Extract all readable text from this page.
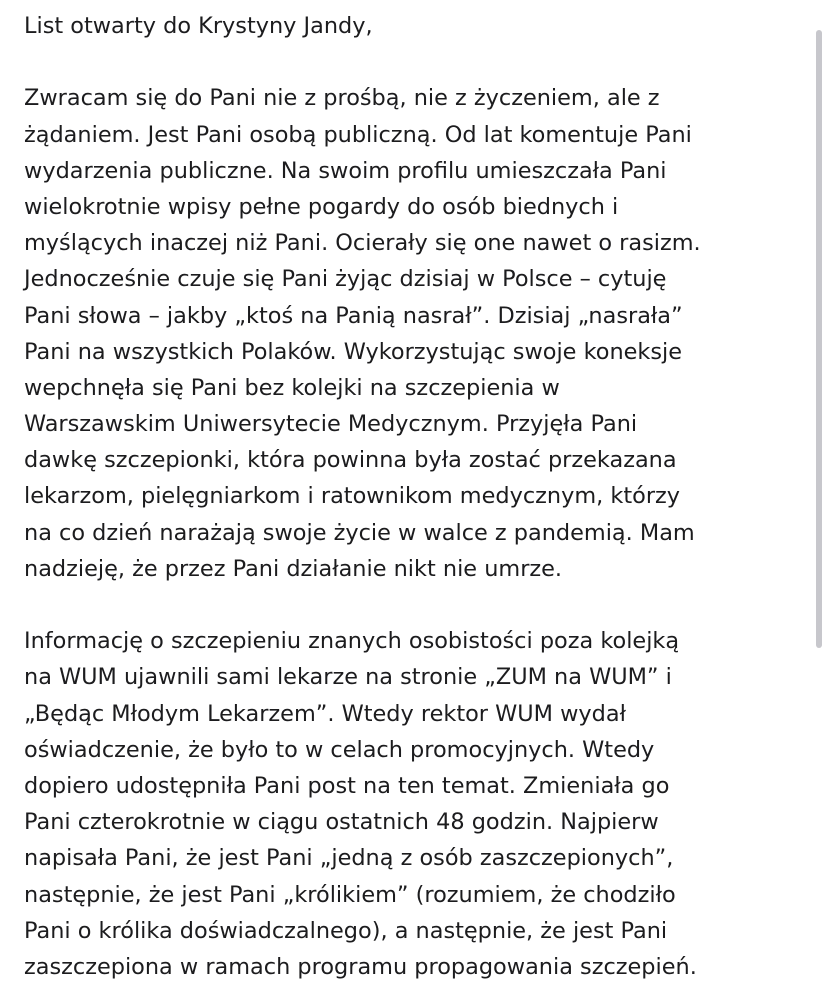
List otwarty do Krystyny Jandy,
Zwracam się do Pani nie z prośbą, nie z życzeniem, ale z
żądaniem. Jest Pani osobą publiczną. Od lat komentuje Pani
wydarzenia publiczne. Na swoim profilu umieszczała Pani
wielokrotnie wpisy pełne pogardy do osób biednych i
myślących inaczej niż Pani. Ocierały się one nawet o rasizm.
Jednocześnie czuje się Pani żyjąc dzisiaj w Polsce – cytuję
Pani słowa – jakby „ktoś na Panią nasrał”. Dzisiaj „nasrała”
Pani na wszystkich Polaków. Wykorzystując swoje koneksje
wepchnęła się Pani bez kolejki na szczepienia w
Warszawskim Uniwersytecie Medycznym. Przyjęła Pani
dawkę szczepionki, która powinna była zostać przekazana
lekarzom, pielęgniarkom i ratownikom medycznym, którzy
na co dzień narażają swoje życie w walce z pandemią. Mam
nadzieję, że przez Pani działanie nikt nie umrze.
Informację o szczepieniu znanych osobistości poza kolejką
na WUM ujawnili sami lekarze na stronie „ZUM na WUM” i
„Będąc Młodym Lekarzem”. Wtedy rektor WUM wydał
oświadczenie, że było to w celach promocyjnych. Wtedy
dopiero udostępniła Pani post na ten temat. Zmieniała go
Pani czterokrotnie w ciągu ostatnich 48 godzin. Najpierw
napisała Pani, że jest Pani „jedną z osób zaszczepionych”,
następnie, że jest Pani „królikiem” (rozumiem, że chodziło
Pani o królika doświadczalnego), a następnie, że jest Pani
zaszczepiona w ramach programu propagowania szczepień.
